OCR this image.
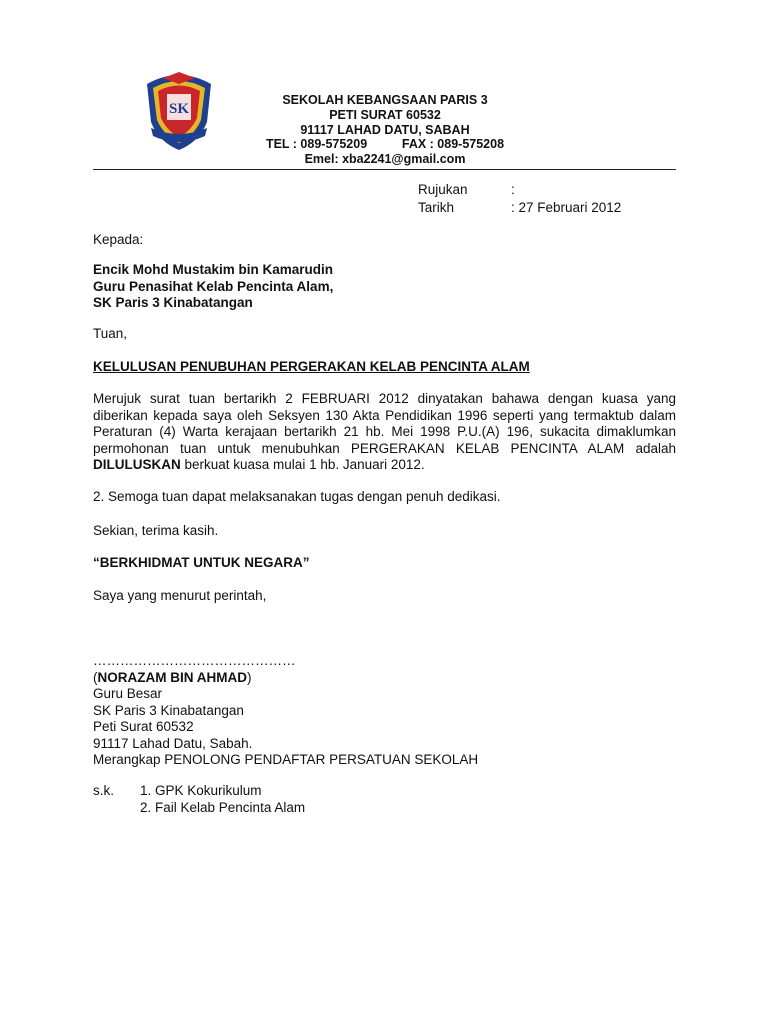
SK
SEKOLAH KEBANGSAAN PARIS 3
PETI SURAT 60532
91117 LAHAD DATU, SABAH
TEL : 089-575209          FAX : 089-575208
Emel: xba2241@gmail.com
Rujukan	:
Tarikh	: 27 Februari 2012
Kepada:
Encik Mohd Mustakim bin Kamarudin
Guru Penasihat Kelab Pencinta Alam,
SK Paris 3 Kinabatangan
Tuan,
KELULUSAN PENUBUHAN PERGERAKAN KELAB PENCINTA ALAM
Merujuk surat tuan bertarikh 2 FEBRUARI 2012 dinyatakan bahawa dengan kuasa yang diberikan kepada saya oleh Seksyen 130 Akta Pendidikan 1996 seperti yang termaktub dalam Peraturan (4) Warta kerajaan bertarikh 21 hb. Mei 1998 P.U.(A) 196, sukacita dimaklumkan permohonan tuan untuk menubuhkan PERGERAKAN KELAB PENCINTA ALAM adalah DILULUSKAN berkuat kuasa mulai 1 hb. Januari 2012.
2. Semoga tuan dapat melaksanakan tugas dengan penuh dedikasi.
Sekian, terima kasih.
“BERKHIDMAT UNTUK NEGARA”
Saya yang menurut perintah,
………………………………………
(NORAZAM BIN AHMAD)
Guru Besar
SK Paris 3 Kinabatangan
Peti Surat 60532
91117 Lahad Datu, Sabah.
Merangkap PENOLONG PENDAFTAR PERSATUAN SEKOLAH
s.k.	1. GPK Kokurikulum
2. Fail Kelab Pencinta Alam
